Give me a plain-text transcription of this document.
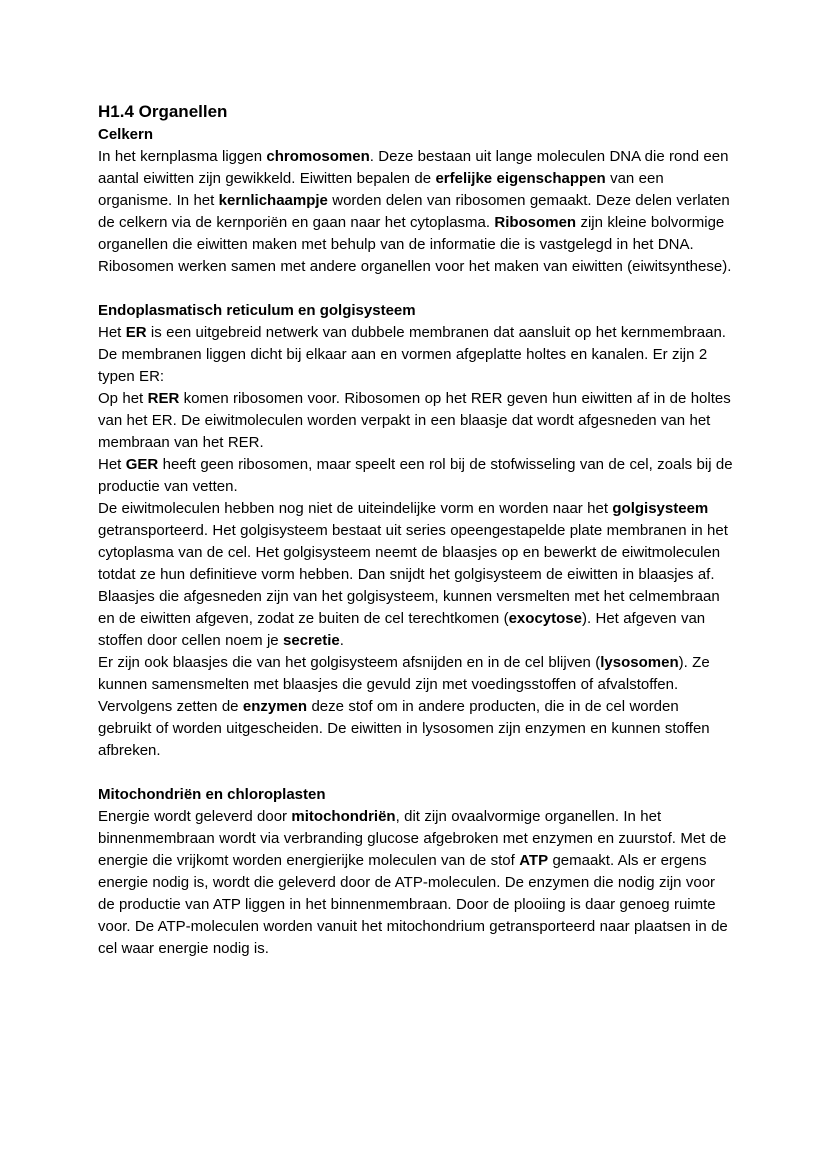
H1.4 Organellen
Celkern

In het kernplasma liggen chromosomen. Deze bestaan uit lange moleculen DNA die rond een aantal eiwitten zijn gewikkeld. Eiwitten bepalen de erfelijke eigenschappen van een organisme. In het kernlichaampje worden delen van ribosomen gemaakt. Deze delen verlaten de celkern via de kernporiën en gaan naar het cytoplasma. Ribosomen zijn kleine bolvormige organellen die eiwitten maken met behulp van de informatie die is vastgelegd in het DNA. Ribosomen werken samen met andere organellen voor het maken van eiwitten (eiwitsynthese).

Endoplasmatisch reticulum en golgisysteem

Het ER is een uitgebreid netwerk van dubbele membranen dat aansluit op het kernmembraan. De membranen liggen dicht bij elkaar aan en vormen afgeplatte holtes en kanalen. Er zijn 2 typen ER:

Op het RER komen ribosomen voor. Ribosomen op het RER geven hun eiwitten af in de holtes van het ER. De eiwitmoleculen worden verpakt in een blaasje dat wordt afgesneden van het membraan van het RER.

Het GER heeft geen ribosomen, maar speelt een rol bij de stofwisseling van de cel, zoals bij de productie van vetten.

De eiwitmoleculen hebben nog niet de uiteindelijke vorm en worden naar het golgisysteem getransporteerd. Het golgisysteem bestaat uit series opeengestapelde plate membranen in het cytoplasma van de cel. Het golgisysteem neemt de blaasjes op en bewerkt de eiwitmoleculen totdat ze hun definitieve vorm hebben. Dan snijdt het golgisysteem de eiwitten in blaasjes af. Blaasjes die afgesneden zijn van het golgisysteem, kunnen versmelten met het celmembraan en de eiwitten afgeven, zodat ze buiten de cel terechtkomen (exocytose). Het afgeven van stoffen door cellen noem je secretie.

Er zijn ook blaasjes die van het golgisysteem afsnijden en in de cel blijven (lysosomen). Ze kunnen samensmelten met blaasjes die gevuld zijn met voedingsstoffen of afvalstoffen. Vervolgens zetten de enzymen deze stof om in andere producten, die in de cel worden gebruikt of worden uitgescheiden. De eiwitten in lysosomen zijn enzymen en kunnen stoffen afbreken.

Mitochondriën en chloroplasten

Energie wordt geleverd door mitochondriën, dit zijn ovaalvormige organellen. In het binnenmembraan wordt via verbranding glucose afgebroken met enzymen en zuurstof. Met de energie die vrijkomt worden energierijke moleculen van de stof ATP gemaakt. Als er ergens energie nodig is, wordt die geleverd door de ATP-moleculen. De enzymen die nodig zijn voor de productie van ATP liggen in het binnenmembraan. Door de plooiing is daar genoeg ruimte voor. De ATP-moleculen worden vanuit het mitochondrium getransporteerd naar plaatsen in de cel waar energie nodig is.
